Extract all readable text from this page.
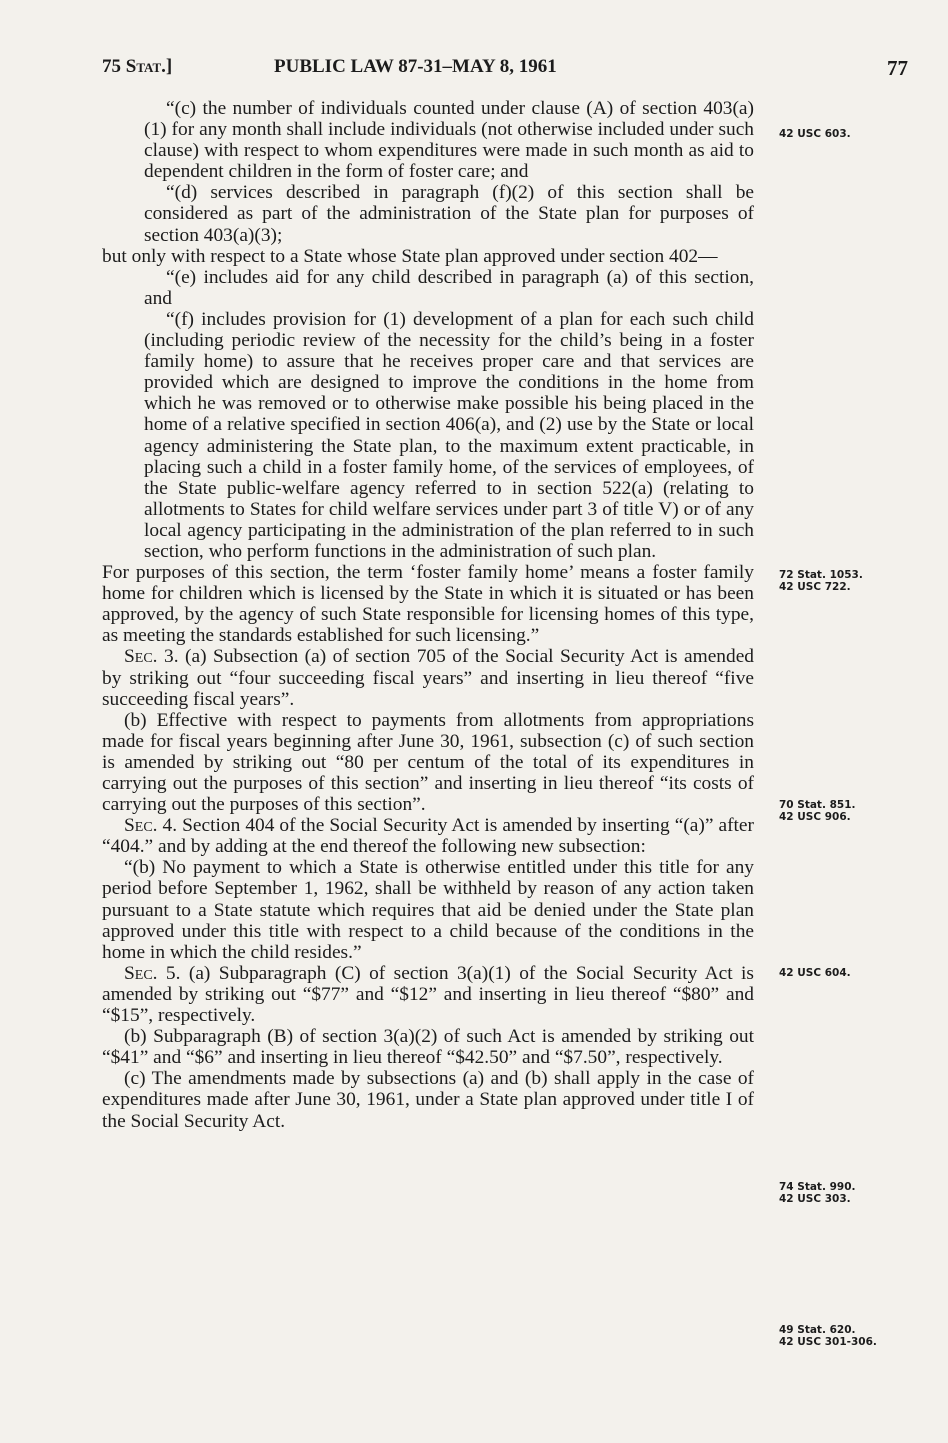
75 Stat.]	PUBLIC LAW 87-31–MAY 8, 1961	77

“(c) the number of individuals counted under clause (A) of section 403(a)(1) for any month shall include individuals (not otherwise included under such clause) with respect to whom expenditures were made in such month as aid to dependent children in the form of foster care; and

“(d) services described in paragraph (f)(2) of this section shall be considered as part of the administration of the State plan for purposes of section 403(a)(3);

but only with respect to a State whose State plan approved under section 402—

“(e) includes aid for any child described in paragraph (a) of this section, and

“(f) includes provision for (1) development of a plan for each such child (including periodic review of the necessity for the child’s being in a foster family home) to assure that he receives proper care and that services are provided which are designed to improve the conditions in the home from which he was removed or to otherwise make possible his being placed in the home of a relative specified in section 406(a), and (2) use by the State or local agency administering the State plan, to the maximum extent practicable, in placing such a child in a foster family home, of the services of employees, of the State public-welfare agency referred to in section 522(a) (relating to allotments to States for child welfare services under part 3 of title V) or of any local agency participating in the administration of the plan referred to in such section, who perform functions in the administration of such plan.

For purposes of this section, the term ‘foster family home’ means a foster family home for children which is licensed by the State in which it is situated or has been approved, by the agency of such State responsible for licensing homes of this type, as meeting the standards established for such licensing.”

Sec. 3. (a) Subsection (a) of section 705 of the Social Security Act is amended by striking out “four succeeding fiscal years” and inserting in lieu thereof “five succeeding fiscal years”.

(b) Effective with respect to payments from allotments from appropriations made for fiscal years beginning after June 30, 1961, subsection (c) of such section is amended by striking out “80 per centum of the total of its expenditures in carrying out the purposes of this section” and inserting in lieu thereof “its costs of carrying out the purposes of this section”.

Sec. 4. Section 404 of the Social Security Act is amended by inserting “(a)” after “404.” and by adding at the end thereof the following new subsection:

“(b) No payment to which a State is otherwise entitled under this title for any period before September 1, 1962, shall be withheld by reason of any action taken pursuant to a State statute which requires that aid be denied under the State plan approved under this title with respect to a child because of the conditions in the home in which the child resides.”

Sec. 5. (a) Subparagraph (C) of section 3(a)(1) of the Social Security Act is amended by striking out “$77” and “$12” and inserting in lieu thereof “$80” and “$15”, respectively.

(b) Subparagraph (B) of section 3(a)(2) of such Act is amended by striking out “$41” and “$6” and inserting in lieu thereof “$42.50” and “$7.50”, respectively.

(c) The amendments made by subsections (a) and (b) shall apply in the case of expenditures made after June 30, 1961, under a State plan approved under title I of the Social Security Act.

42 USC 603.
72 Stat. 1053.
42 USC 722.
70 Stat. 851.
42 USC 906.
42 USC 604.
74 Stat. 990.
42 USC 303.
49 Stat. 620.
42 USC 301-306.
